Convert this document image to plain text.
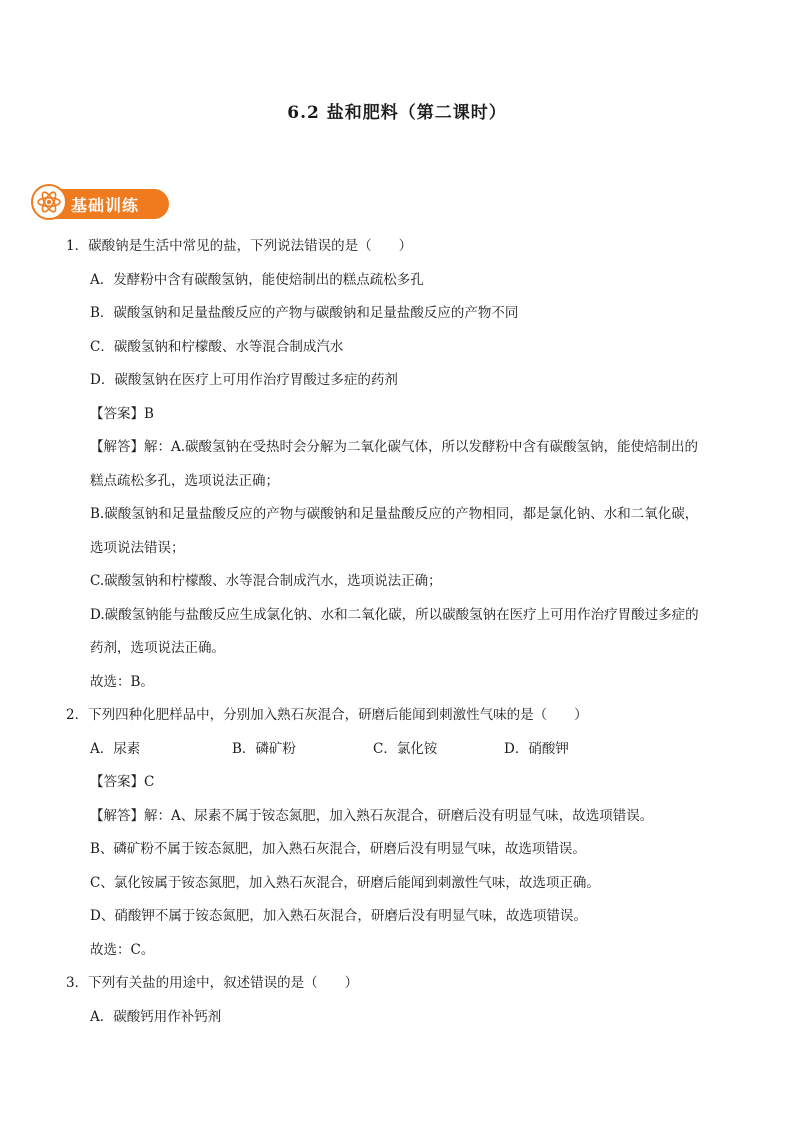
6.2 盐和肥料（第二课时）
基础训练
1．碳酸钠是生活中常见的盐，下列说法错误的是（　　）
A．发酵粉中含有碳酸氢钠，能使焙制出的糕点疏松多孔
B．碳酸氢钠和足量盐酸反应的产物与碳酸钠和足量盐酸反应的产物不同
C．碳酸氢钠和柠檬酸、水等混合制成汽水
D．碳酸氢钠在医疗上可用作治疗胃酸过多症的药剂
【答案】B
【解答】解：A.碳酸氢钠在受热时会分解为二氧化碳气体，所以发酵粉中含有碳酸氢钠，能使焙制出的
糕点疏松多孔，选项说法正确；
B.碳酸氢钠和足量盐酸反应的产物与碳酸钠和足量盐酸反应的产物相同，都是氯化钠、水和二氧化碳，
选项说法错误；
C.碳酸氢钠和柠檬酸、水等混合制成汽水，选项说法正确；
D.碳酸氢钠能与盐酸反应生成氯化钠、水和二氧化碳，所以碳酸氢钠在医疗上可用作治疗胃酸过多症的
药剂，选项说法正确。
故选：B。
2．下列四种化肥样品中，分别加入熟石灰混合，研磨后能闻到刺激性气味的是（　　）
A．尿素	B．磷矿粉	C．氯化铵	D．硝酸钾
【答案】C
【解答】解：A、尿素不属于铵态氮肥，加入熟石灰混合，研磨后没有明显气味，故选项错误。
B、磷矿粉不属于铵态氮肥，加入熟石灰混合，研磨后没有明显气味，故选项错误。
C、氯化铵属于铵态氮肥，加入熟石灰混合，研磨后能闻到刺激性气味，故选项正确。
D、硝酸钾不属于铵态氮肥，加入熟石灰混合，研磨后没有明显气味，故选项错误。
故选：C。
3．下列有关盐的用途中，叙述错误的是（　　）
A．碳酸钙用作补钙剂
